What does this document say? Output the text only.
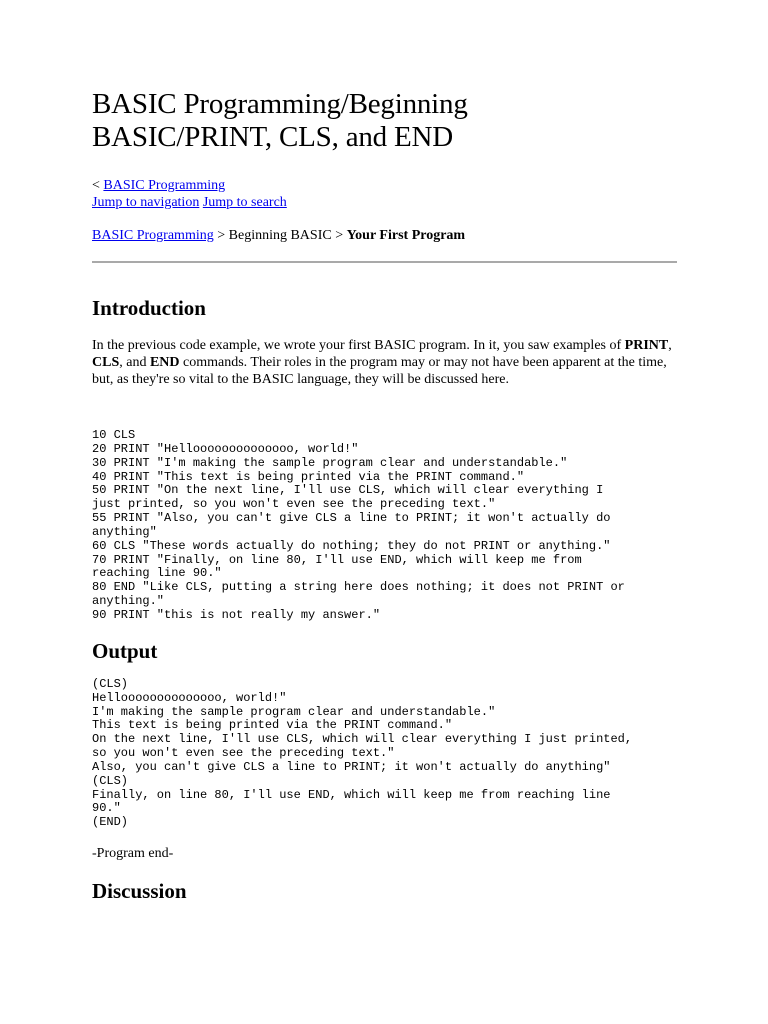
BASIC Programming/Beginning
BASIC/PRINT, CLS, and END
< BASIC Programming
Jump to navigation Jump to search
BASIC Programming > Beginning BASIC > Your First Program
Introduction

In the previous code example, we wrote your first BASIC program. In it, you saw examples of PRINT, CLS, and END commands. Their roles in the program may or may not have been apparent at the time, but, as they're so vital to the BASIC language, they will be discussed here.

10 CLS
20 PRINT "Helloooooooooooooo, world!"
30 PRINT "I'm making the sample program clear and understandable."
40 PRINT "This text is being printed via the PRINT command."
50 PRINT "On the next line, I'll use CLS, which will clear everything I
just printed, so you won't even see the preceding text."
55 PRINT "Also, you can't give CLS a line to PRINT; it won't actually do
anything"
60 CLS "These words actually do nothing; they do not PRINT or anything."
70 PRINT "Finally, on line 80, I'll use END, which will keep me from
reaching line 90."
80 END "Like CLS, putting a string here does nothing; it does not PRINT or
anything."
90 PRINT "this is not really my answer."
Output
(CLS)
Helloooooooooooooo, world!"
I'm making the sample program clear and understandable."
This text is being printed via the PRINT command."
On the next line, I'll use CLS, which will clear everything I just printed,
so you won't even see the preceding text."
Also, you can't give CLS a line to PRINT; it won't actually do anything"
(CLS)
Finally, on line 80, I'll use END, which will keep me from reaching line
90."
(END)

-Program end-

Discussion
